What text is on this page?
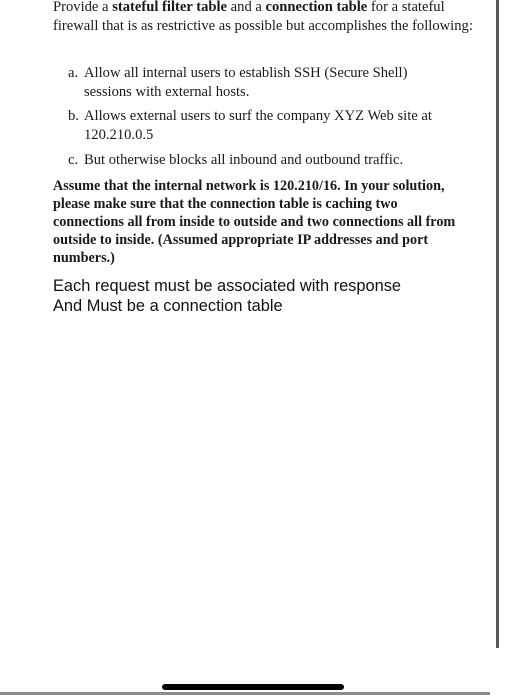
Provide a stateful filter table and a connection table for a stateful firewall that is as restrictive as possible but accomplishes the following:

a. Allow all internal users to establish SSH (Secure Shell)
sessions with external hosts.

b. Allows external users to surf the company XYZ Web site at
120.210.0.5

c. But otherwise blocks all inbound and outbound traffic.

Assume that the internal network is 120.210/16. In your solution, please make sure that the connection table is caching two connections all from inside to outside and two connections all from outside to inside. (Assumed appropriate IP addresses and port numbers.)

Each request must be associated with response
And Must be a connection table
